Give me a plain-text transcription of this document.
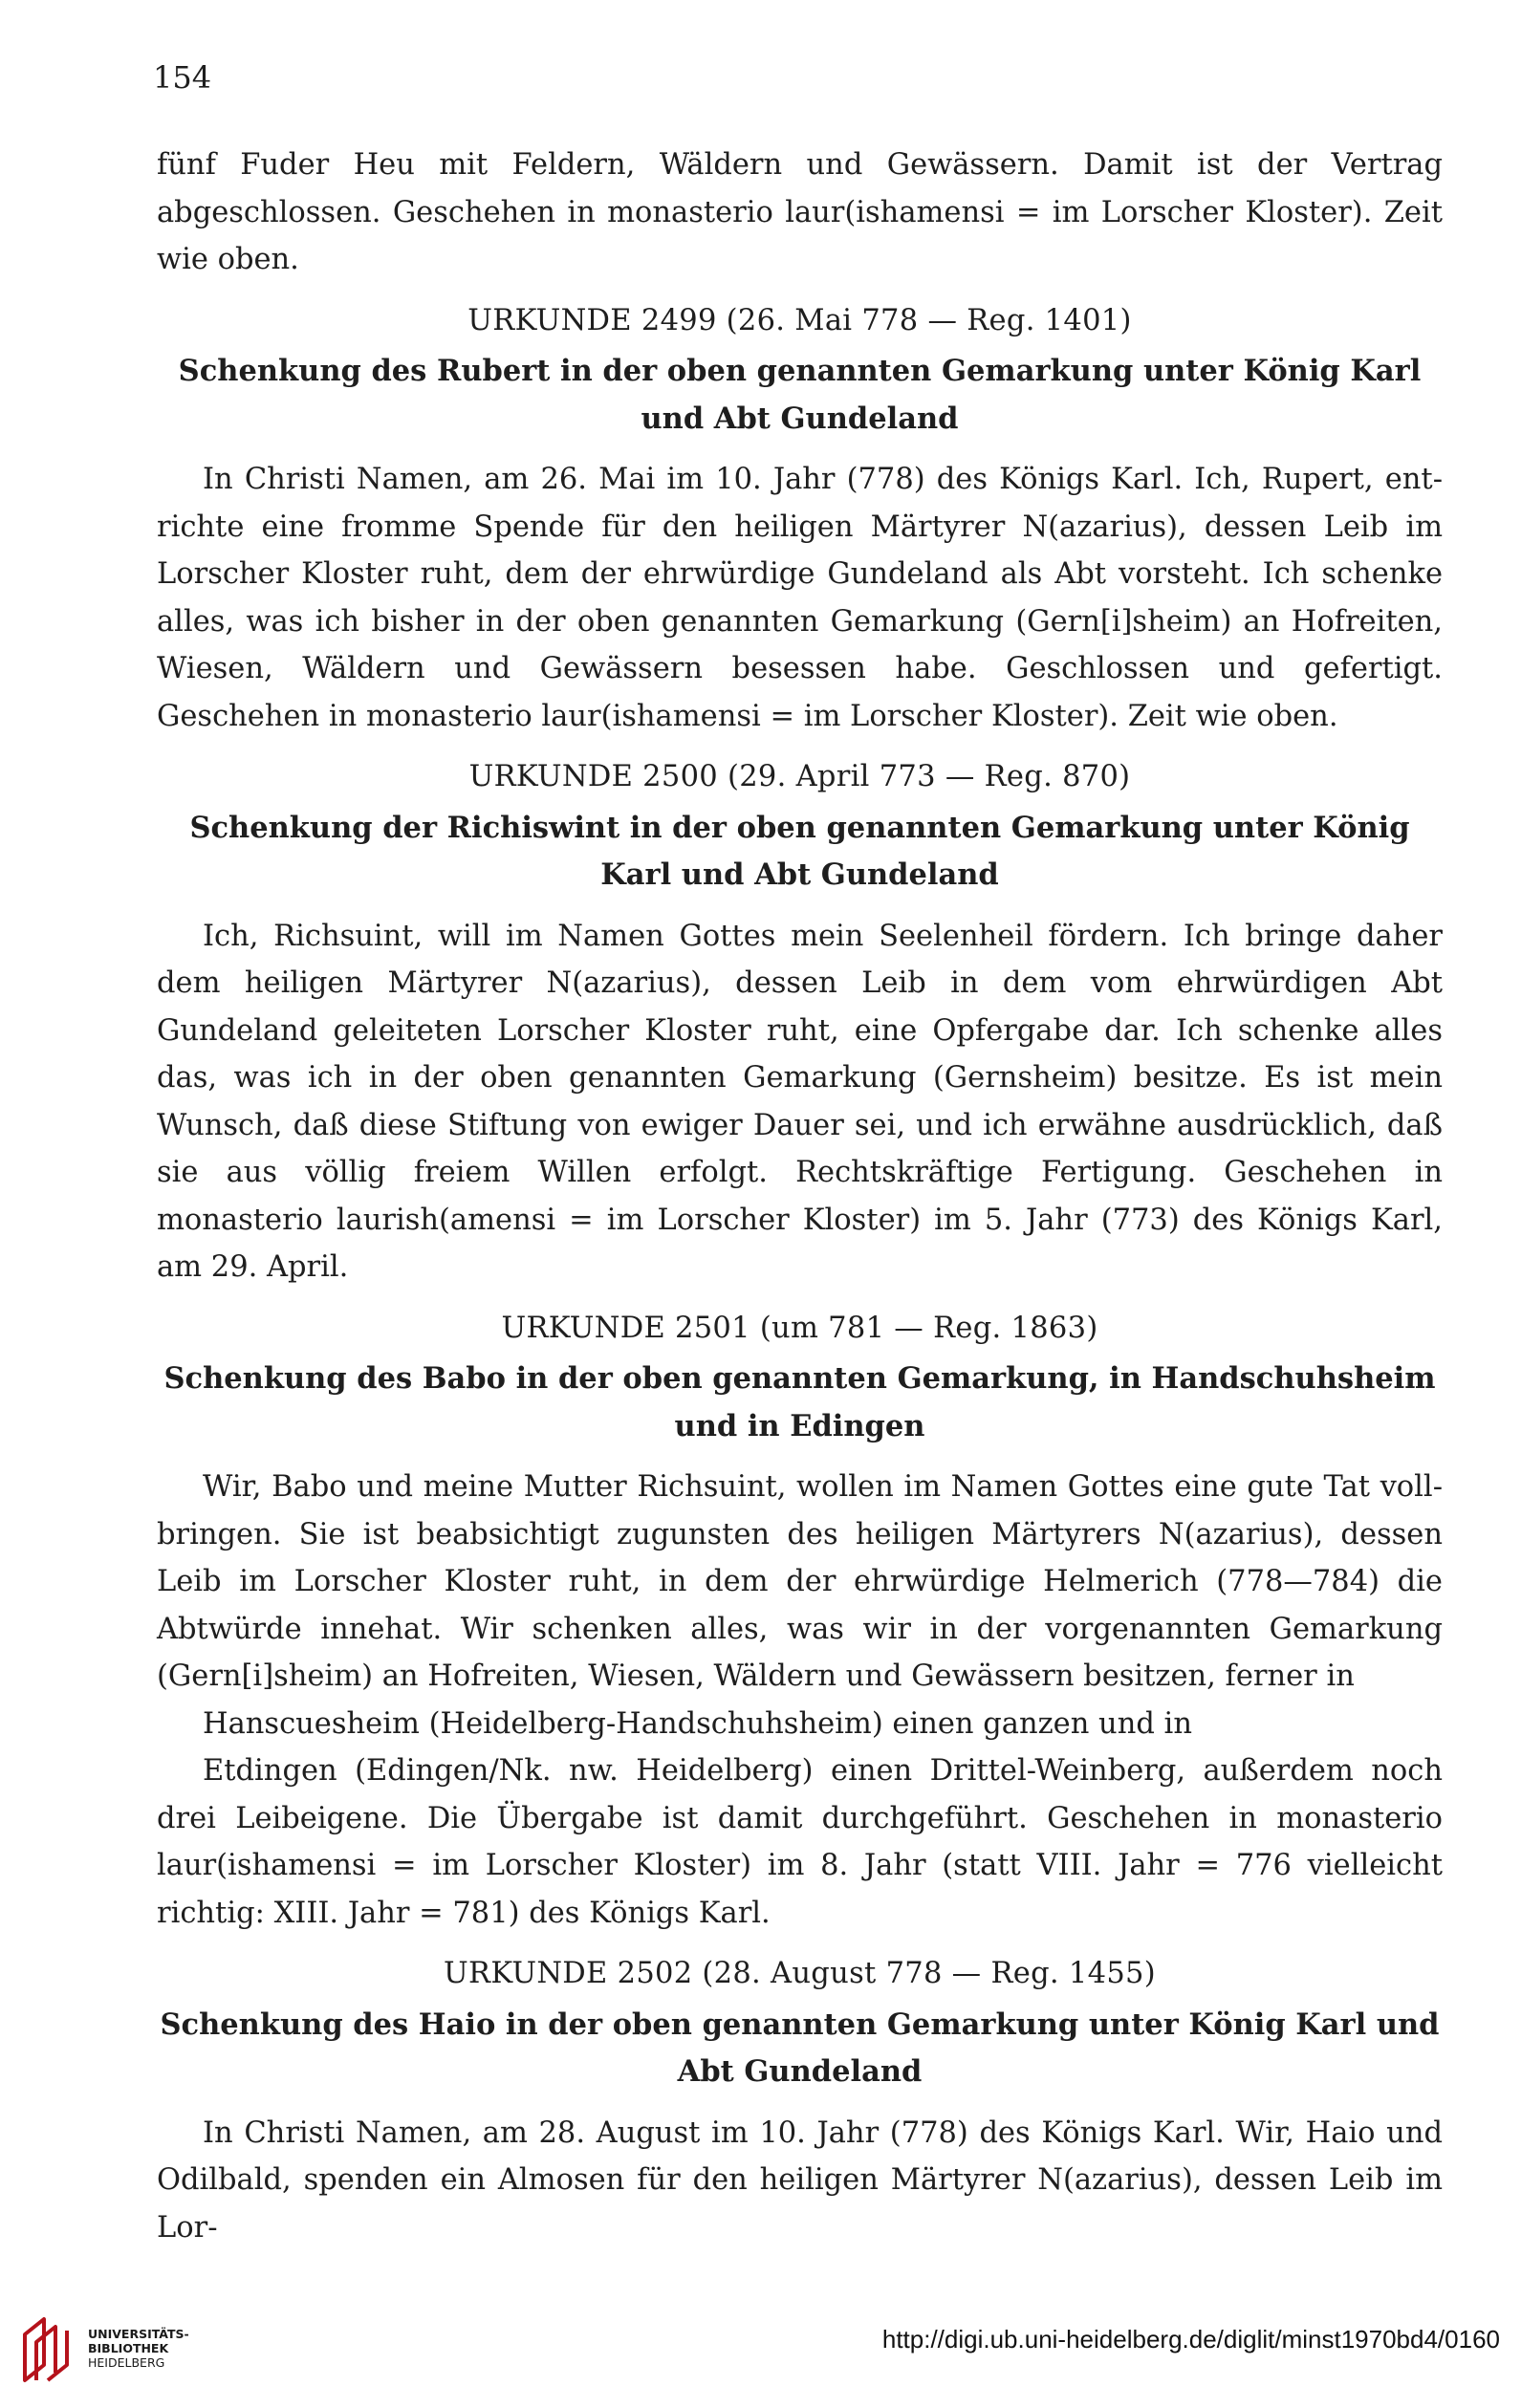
154

fünf Fuder Heu mit Feldern, Wäldern und Gewässern. Damit ist der Vertrag abgeschlossen. Geschehen in monasterio laur(ishamensi = im Lorscher Kloster). Zeit wie oben.

URKUNDE 2499 (26. Mai 778 — Reg. 1401)
Schenkung des Rubert in der oben genannten Gemarkung unter König Karl und Abt Gundeland

In Christi Namen, am 26. Mai im 10. Jahr (778) des Königs Karl. Ich, Rupert, entrichte eine fromme Spende für den heiligen Märtyrer N(azarius), dessen Leib im Lorscher Kloster ruht, dem der ehrwürdige Gundeland als Abt vorsteht. Ich schenke alles, was ich bisher in der oben genannten Gemarkung (Gern[i]sheim) an Hofreiten, Wiesen, Wäldern und Gewässern besessen habe. Geschlossen und gefertigt. Geschehen in monasterio laur(ishamensi = im Lorscher Kloster). Zeit wie oben.

URKUNDE 2500 (29. April 773 — Reg. 870)
Schenkung der Richiswint in der oben genannten Gemarkung unter König Karl und Abt Gundeland

Ich, Richsuint, will im Namen Gottes mein Seelenheil fördern. Ich bringe daher dem heiligen Märtyrer N(azarius), dessen Leib in dem vom ehrwürdigen Abt Gundeland geleiteten Lorscher Kloster ruht, eine Opfergabe dar. Ich schenke alles das, was ich in der oben genannten Gemarkung (Gernsheim) besitze. Es ist mein Wunsch, daß diese Stiftung von ewiger Dauer sei, und ich erwähne ausdrücklich, daß sie aus völlig freiem Willen erfolgt. Rechtskräftige Fertigung. Geschehen in monasterio laurish(amensi = im Lorscher Kloster) im 5. Jahr (773) des Königs Karl, am 29. April.

URKUNDE 2501 (um 781 — Reg. 1863)
Schenkung des Babo in der oben genannten Gemarkung, in Handschuhsheim und in Edingen

Wir, Babo und meine Mutter Richsuint, wollen im Namen Gottes eine gute Tat vollbringen. Sie ist beabsichtigt zugunsten des heiligen Märtyrers N(azarius), dessen Leib im Lorscher Kloster ruht, in dem der ehrwürdige Helmerich (778—784) die Abtwürde innehat. Wir schenken alles, was wir in der vorgenannten Gemarkung (Gern[i]sheim) an Hofreiten, Wiesen, Wäldern und Gewässern besitzen, ferner in

Hanscuesheim (Heidelberg-Handschuhsheim) einen ganzen und in

Etdingen (Edingen/Nk. nw. Heidelberg) einen Drittel-Weinberg, außerdem noch drei Leibeigene. Die Übergabe ist damit durchgeführt. Geschehen in monasterio laur(ishamensi = im Lorscher Kloster) im 8. Jahr (statt VIII. Jahr = 776 vielleicht richtig: XIII. Jahr = 781) des Königs Karl.

URKUNDE 2502 (28. August 778 — Reg. 1455)
Schenkung des Haio in der oben genannten Gemarkung unter König Karl und Abt Gundeland

In Christi Namen, am 28. August im 10. Jahr (778) des Königs Karl. Wir, Haio und Odilbald, spenden ein Almosen für den heiligen Märtyrer N(azarius), dessen Leib im Lor-

UNIVERSITÄTS-
BIBLIOTHEK
HEIDELBERG
http://digi.ub.uni-heidelberg.de/diglit/minst1970bd4/0160
